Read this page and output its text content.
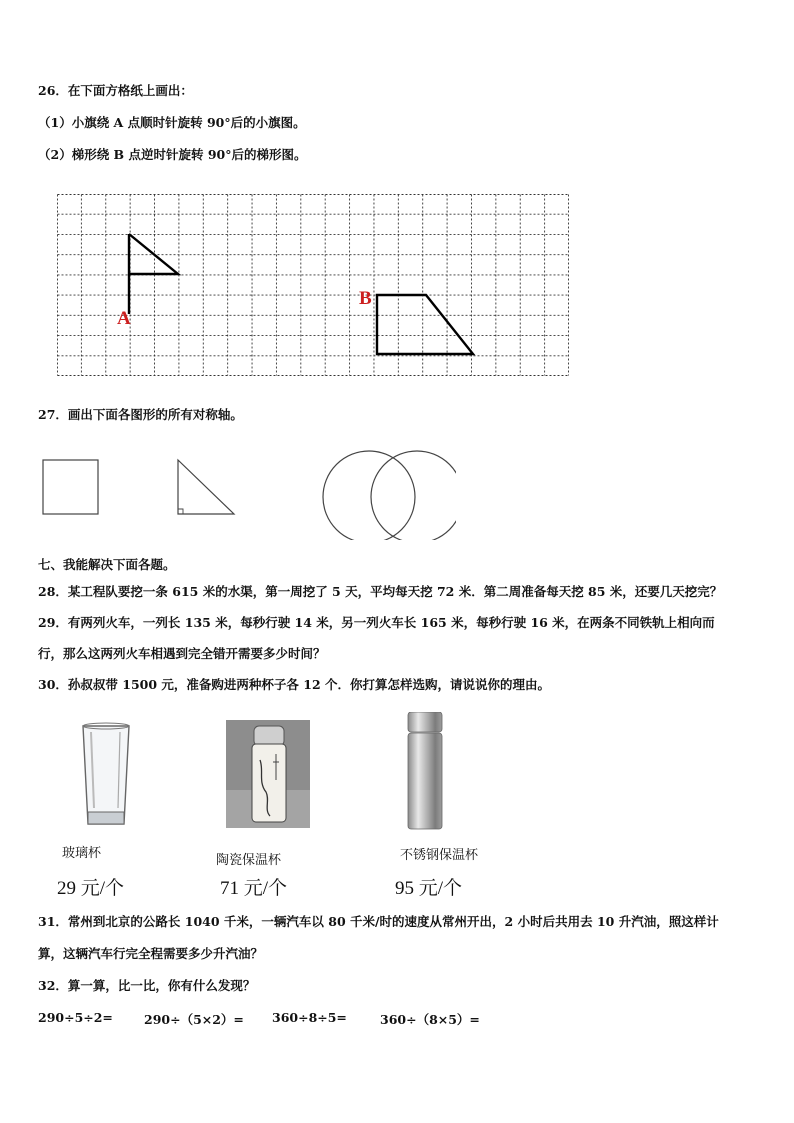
26．在下面方格纸上画出：
（1）小旗绕 A 点顺时针旋转 90°后的小旗图。
（2）梯形绕 B 点逆时针旋转 90°后的梯形图。
A
B
27．画出下面各图形的所有对称轴。
七、我能解决下面各题。
28．某工程队要挖一条 615 米的水渠，第一周挖了 5 天，平均每天挖 72 米．第二周准备每天挖 85 米，还要几天挖完？
29．有两列火车，一列长 135 米，每秒行驶 14 米，另一列火车长 165 米，每秒行驶 16 米，在两条不同铁轨上相向而
行，那么这两列火车相遇到完全错开需要多少时间？
30．孙叔叔带 1500 元，准备购进两种杯子各 12 个．你打算怎样选购，请说说你的理由。
玻璃杯	陶瓷保温杯	不锈钢保温杯
29 元/个	71 元/个	95 元/个
31．常州到北京的公路长 1040 千米，一辆汽车以 80 千米/时的速度从常州开出，2 小时后共用去 10 升汽油，照这样计
算，这辆汽车行完全程需要多少升汽油？
32．算一算，比一比，你有什么发现？
290÷5÷2= 290÷（5×2）= 360÷8÷5=	360÷（8×5）=
